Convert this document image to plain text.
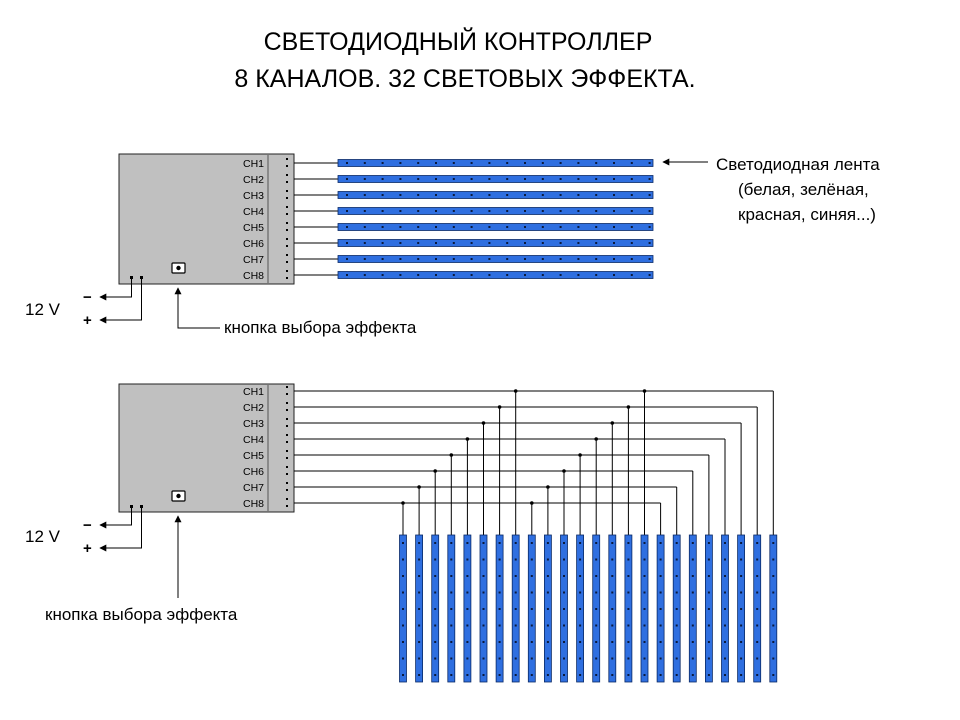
СВЕТОДИОДНЫЙ КОНТРОЛЛЕР
8 КАНАЛОВ. 32 СВЕТОВЫХ ЭФФЕКТА.
CH1
CH2
CH3
CH4
CH5
CH6
CH7
CH8
−
+
12 V
кнопка выбора эффекта
Светодиодная лента
(белая, зелёная,
красная, синяя...)
CH1
CH2
CH3
CH4
CH5
CH6
CH7
CH8
−
+
12 V
кнопка выбора эффекта
